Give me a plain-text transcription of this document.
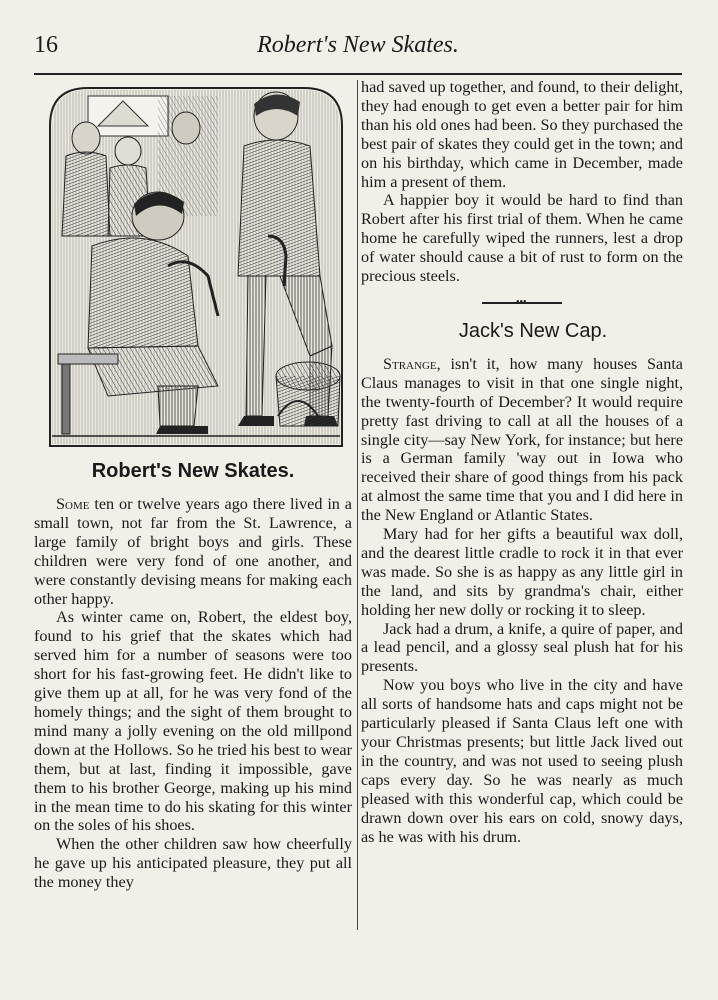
16	Robert's New Skates.
Robert's New Skates.

Some ten or twelve years ago there lived in a small town, not far from the St. Lawrence, a large family of bright boys and girls. These children were very fond of one another, and were constantly devising means for making each other happy.

As winter came on, Robert, the eldest boy, found to his grief that the skates which had served him for a number of seasons were too short for his fast-growing feet. He didn't like to give them up at all, for he was very fond of the homely things; and the sight of them brought to mind many a jolly evening on the old millpond down at the Hollows. So he tried his best to wear them, but at last, finding it impossible, gave them to his brother George, making up his mind in the mean time to do his skating for this winter on the soles of his shoes.

When the other children saw how cheerfully he gave up his anticipated pleasure, they put all the money they

had saved up together, and found, to their delight, they had enough to get even a better pair for him than his old ones had been. So they purchased the best pair of skates they could get in the town; and on his birthday, which came in December, made him a present of them.

A happier boy it would be hard to find than Robert after his first trial of them. When he came home he carefully wiped the runners, lest a drop of water should cause a bit of rust to form on the precious steels.

•••

Jack's New Cap.

Strange, isn't it, how many houses Santa Claus manages to visit in that one single night, the twenty-fourth of December? It would require pretty fast driving to call at all the houses of a single city—say New York, for instance; but here is a German family 'way out in Iowa who received their share of good things from his pack at almost the same time that you and I did here in the New England or Atlantic States.

Mary had for her gifts a beautiful wax doll, and the dearest little cradle to rock it in that ever was made. So she is as happy as any little girl in the land, and sits by grandma's chair, either holding her new dolly or rocking it to sleep.

Jack had a drum, a knife, a quire of paper, and a lead pencil, and a glossy seal plush hat for his presents.

Now you boys who live in the city and have all sorts of handsome hats and caps might not be particularly pleased if Santa Claus left one with your Christmas presents; but little Jack lived out in the country, and was not used to seeing plush caps every day. So he was nearly as much pleased with this wonderful cap, which could be drawn down over his ears on cold, snowy days, as he was with his drum.
